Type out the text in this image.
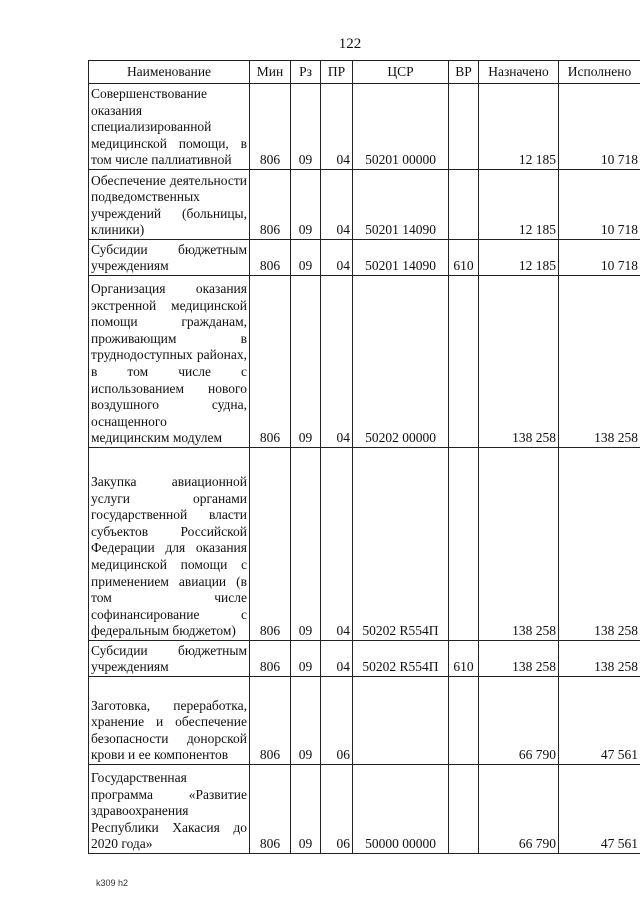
122
Наименование	Мин	Рз	ПР	ЦСР	ВР	Назначено	Исполнено

Совершенствование оказания специализированной медицинской помощи, в том числе паллиативной	806	09	04	50201 00000		12 185	10 718

Обеспечение деятельности подведомственных учреждений (больницы, клиники)	806	09	04	50201 14090		12 185	10 718

Субсидии бюджетным учреждениям	806	09	04	50201 14090	610	12 185	10 718

Организация оказания экстренной медицинской помощи гражданам, проживающим в труднодоступных районах, в том числе с использованием нового воздушного судна, оснащенного медицинским модулем	806	09	04	50202 00000		138 258	138 258

Закупка авиационной услуги органами государственной власти субъектов Российской Федерации для оказания медицинской помощи с применением авиации (в том числе софинансирование с федеральным бюджетом)	806	09	04	50202 R554П		138 258	138 258

Субсидии бюджетным учреждениям	806	09	04	50202 R554П	610	138 258	138 258

Заготовка, переработка, хранение и обеспечение безопасности донорской крови и ее компонентов	806	09	06			66 790	47 561

Государственная программа «Развитие здравоохранения Республики Хакасия до 2020 года»	806	09	06	50000 00000		66 790	47 561
k309 h2
